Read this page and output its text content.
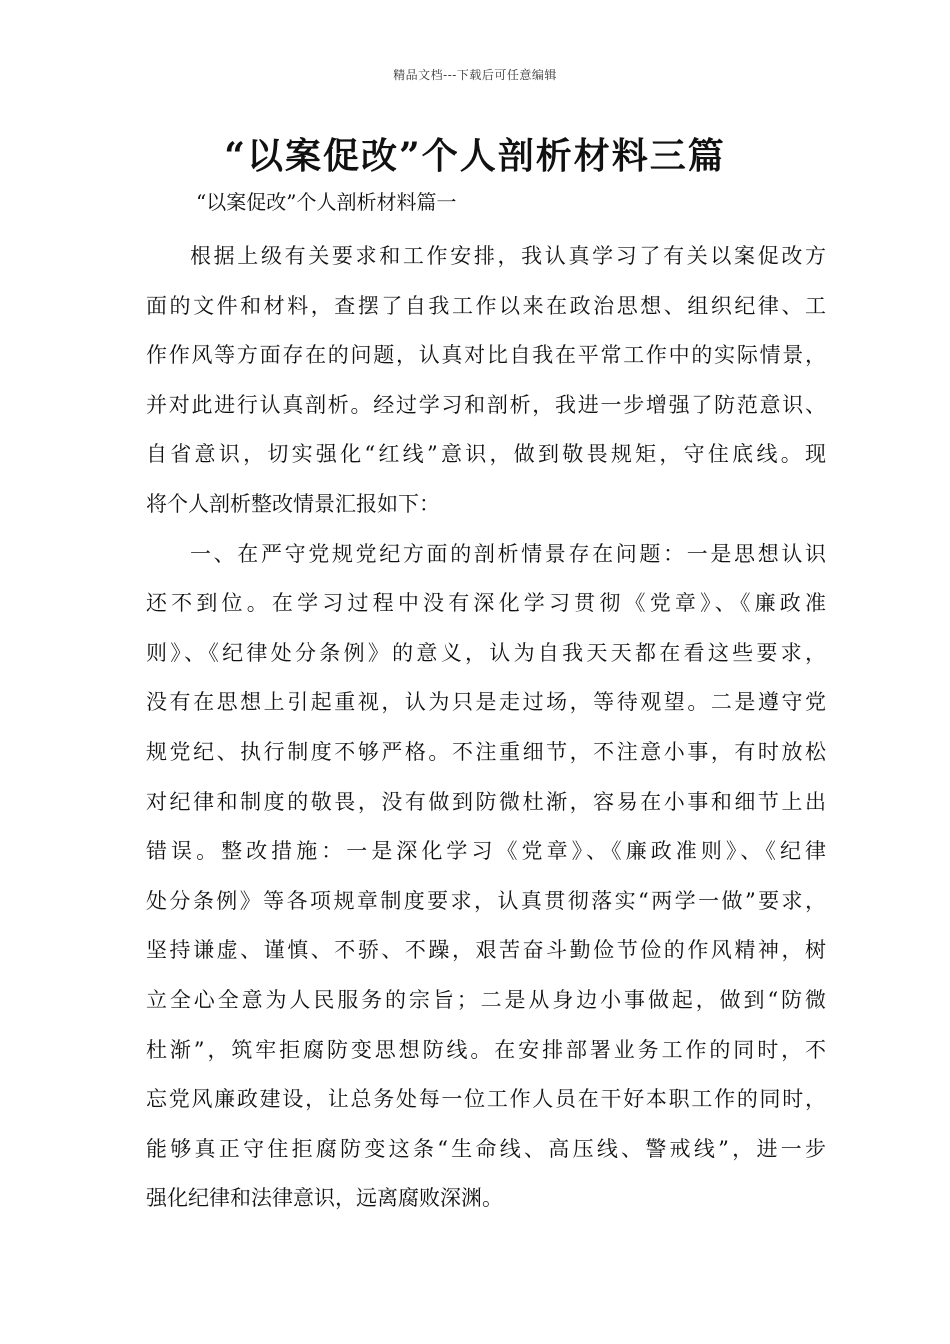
精品文档---下载后可任意编辑
“以案促改”个人剖析材料三篇

“以案促改”个人剖析材料篇一

根据上级有关要求和工作安排，我认真学习了有关以案促改方
面的文件和材料，查摆了自我工作以来在政治思想、组织纪律、工
作作风等方面存在的问题，认真对比自我在平常工作中的实际情景，
并对此进行认真剖析。经过学习和剖析，我进一步增强了防范意识、
自省意识，切实强化“红线”意识，做到敬畏规矩，守住底线。现
将个人剖析整改情景汇报如下：
一、在严守党规党纪方面的剖析情景存在问题：一是思想认识
还不到位。在学习过程中没有深化学习贯彻《党章》、《廉政准
则》、《纪律处分条例》的意义，认为自我天天都在看这些要求，
没有在思想上引起重视，认为只是走过场，等待观望。二是遵守党
规党纪、执行制度不够严格。不注重细节，不注意小事，有时放松
对纪律和制度的敬畏，没有做到防微杜渐，容易在小事和细节上出
错误。整改措施：一是深化学习《党章》、《廉政准则》、《纪律
处分条例》等各项规章制度要求，认真贯彻落实“两学一做”要求，
坚持谦虚、谨慎、不骄、不躁，艰苦奋斗勤俭节俭的作风精神，树
立全心全意为人民服务的宗旨；二是从身边小事做起，做到“防微
杜渐”，筑牢拒腐防变思想防线。在安排部署业务工作的同时，不
忘党风廉政建设，让总务处每一位工作人员在干好本职工作的同时，
能够真正守住拒腐防变这条“生命线、高压线、警戒线”，进一步
强化纪律和法律意识，远离腐败深渊。
